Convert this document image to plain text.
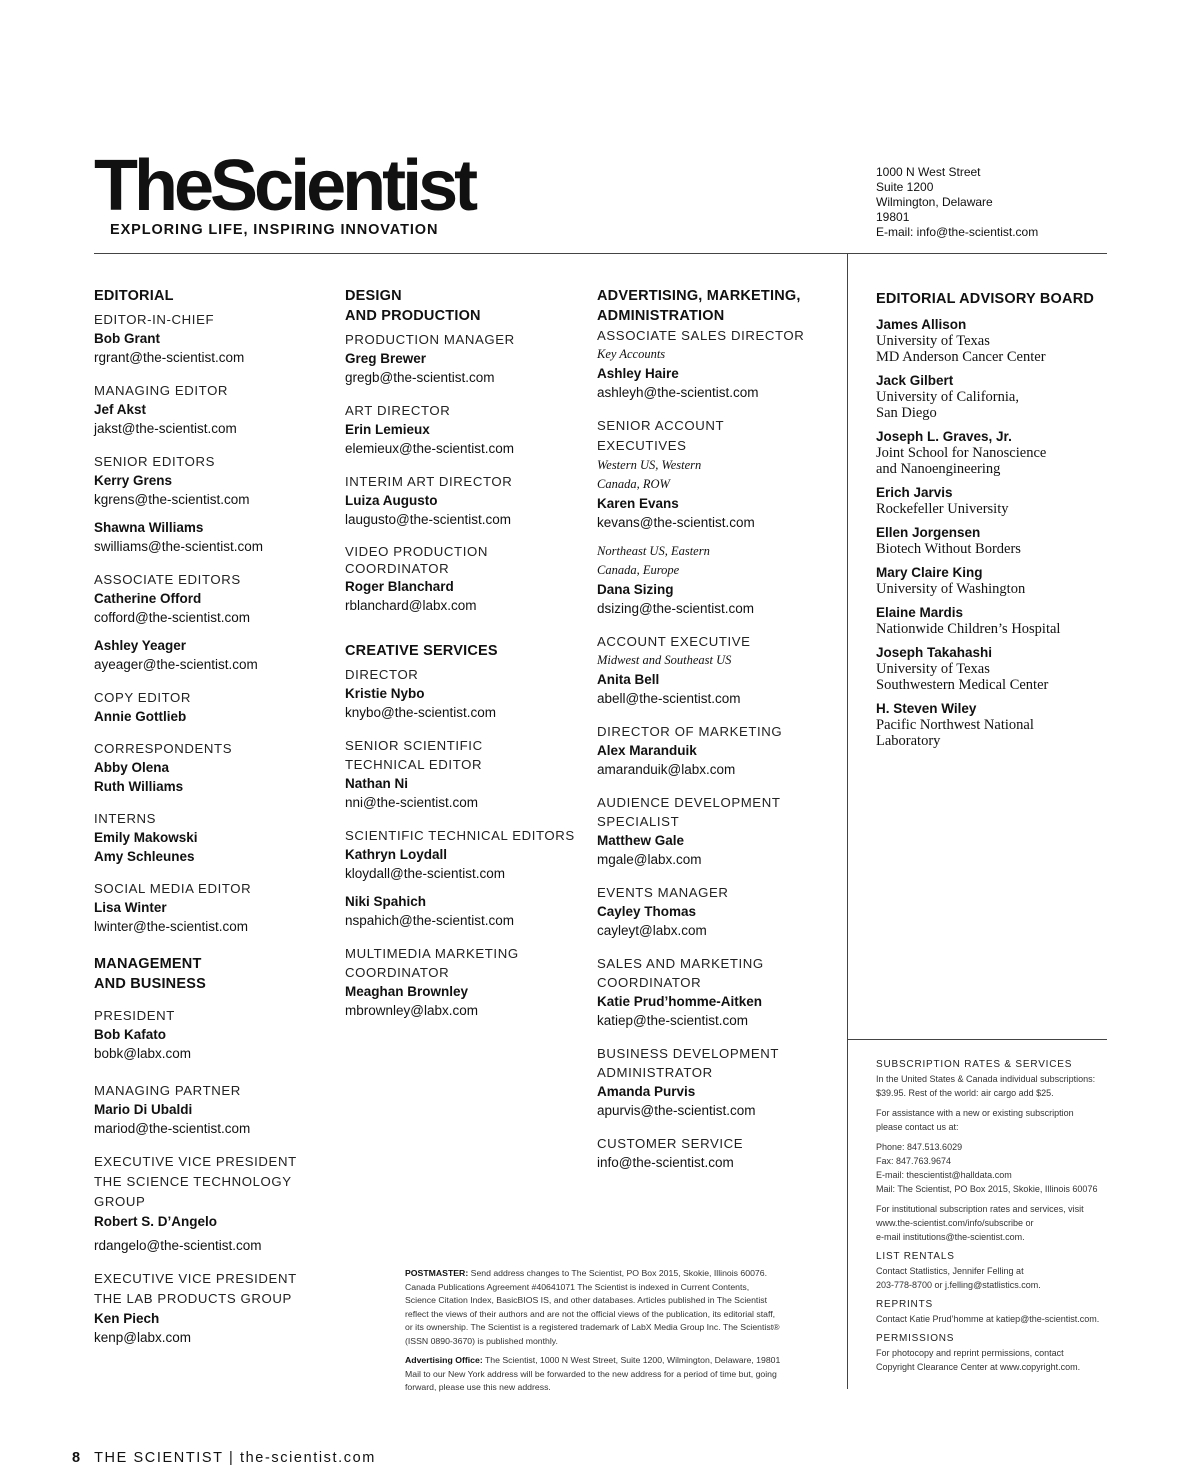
TheScientist
EXPLORING LIFE, INSPIRING INNOVATION
1000 N West Street
Suite 1200
Wilmington, Delaware
19801
E-mail: info@the-scientist.com
EDITORIAL
EDITOR-IN-CHIEF
Bob Grant
rgrant@the-scientist.com
MANAGING EDITOR
Jef Akst
jakst@the-scientist.com
SENIOR EDITORS
Kerry Grens
kgrens@the-scientist.com
Shawna Williams
swilliams@the-scientist.com
ASSOCIATE EDITORS
Catherine Offord
cofford@the-scientist.com
Ashley Yeager
ayeager@the-scientist.com
COPY EDITOR
Annie Gottlieb
CORRESPONDENTS
Abby Olena
Ruth Williams
INTERNS
Emily Makowski
Amy Schleunes
SOCIAL MEDIA EDITOR
Lisa Winter
lwinter@the-scientist.com
MANAGEMENT
AND BUSINESS
PRESIDENT
Bob Kafato
bobk@labx.com
MANAGING PARTNER
Mario Di Ubaldi
mariod@the-scientist.com
EXECUTIVE VICE PRESIDENT
THE SCIENCE TECHNOLOGY
GROUP
Robert S. D’Angelo
rdangelo@the-scientist.com
EXECUTIVE VICE PRESIDENT
THE LAB PRODUCTS GROUP
Ken Piech
kenp@labx.com
DESIGN
AND PRODUCTION
PRODUCTION MANAGER
Greg Brewer
gregb@the-scientist.com
ART DIRECTOR
Erin Lemieux
elemieux@the-scientist.com
INTERIM ART DIRECTOR
Luiza Augusto
laugusto@the-scientist.com
VIDEO PRODUCTION
COORDINATOR
Roger Blanchard
rblanchard@labx.com
CREATIVE SERVICES
DIRECTOR
Kristie Nybo
knybo@the-scientist.com
SENIOR SCIENTIFIC
TECHNICAL EDITOR
Nathan Ni
nni@the-scientist.com
SCIENTIFIC TECHNICAL EDITORS
Kathryn Loydall
kloydall@the-scientist.com
Niki Spahich
nspahich@the-scientist.com
MULTIMEDIA MARKETING
COORDINATOR
Meaghan Brownley
mbrownley@labx.com
ADVERTISING, MARKETING,
ADMINISTRATION
ASSOCIATE SALES DIRECTOR
Key Accounts
Ashley Haire
ashleyh@the-scientist.com
SENIOR ACCOUNT
EXECUTIVES
Western US, Western
Canada, ROW
Karen Evans
kevans@the-scientist.com
Northeast US, Eastern
Canada, Europe
Dana Sizing
dsizing@the-scientist.com
ACCOUNT EXECUTIVE
Midwest and Southeast US
Anita Bell
abell@the-scientist.com
DIRECTOR OF MARKETING
Alex Maranduik
amaranduik@labx.com
AUDIENCE DEVELOPMENT
SPECIALIST
Matthew Gale
mgale@labx.com
EVENTS MANAGER
Cayley Thomas
cayleyt@labx.com
SALES AND MARKETING
COORDINATOR
Katie Prud’homme-Aitken
katiep@the-scientist.com
BUSINESS DEVELOPMENT
ADMINISTRATOR
Amanda Purvis
apurvis@the-scientist.com
CUSTOMER SERVICE
info@the-scientist.com
EDITORIAL ADVISORY BOARD
James Allison
University of Texas
MD Anderson Cancer Center
Jack Gilbert
University of California,
San Diego
Joseph L. Graves, Jr.
Joint School for Nanoscience
and Nanoengineering
Erich Jarvis
Rockefeller University
Ellen Jorgensen
Biotech Without Borders
Mary Claire King
University of Washington
Elaine Mardis
Nationwide Children’s Hospital
Joseph Takahashi
University of Texas
Southwestern Medical Center
H. Steven Wiley
Pacific Northwest National
Laboratory
SUBSCRIPTION RATES & SERVICES

In the United States & Canada individual subscriptions:
$39.95. Rest of the world: air cargo add $25.

For assistance with a new or existing subscription
please contact us at:

Phone: 847.513.6029
Fax: 847.763.9674
E-mail: thescientist@halldata.com
Mail: The Scientist, PO Box 2015, Skokie, Illinois 60076

For institutional subscription rates and services, visit
www.the-scientist.com/info/subscribe or
e-mail institutions@the-scientist.com.

LIST RENTALS

Contact Statlistics, Jennifer Felling at
203-778-8700 or j.felling@statlistics.com.

REPRINTS

Contact Katie Prud’homme at katiep@the-scientist.com.

PERMISSIONS

For photocopy and reprint permissions, contact
Copyright Clearance Center at www.copyright.com.

POSTMASTER: Send address changes to The Scientist, PO Box 2015, Skokie, Illinois 60076.
Canada Publications Agreement #40641071 The Scientist is indexed in Current Contents,
Science Citation Index, BasicBIOS IS, and other databases. Articles published in The Scientist
reflect the views of their authors and are not the official views of the publication, its editorial staff,
or its ownership. The Scientist is a registered trademark of LabX Media Group Inc. The Scientist®
(ISSN 0890-3670) is published monthly.

Advertising Office: The Scientist, 1000 N West Street, Suite 1200, Wilmington, Delaware, 19801
Mail to our New York address will be forwarded to the new address for a period of time but, going
forward, please use this new address.

8 THE SCIENTIST | the-scientist.com
